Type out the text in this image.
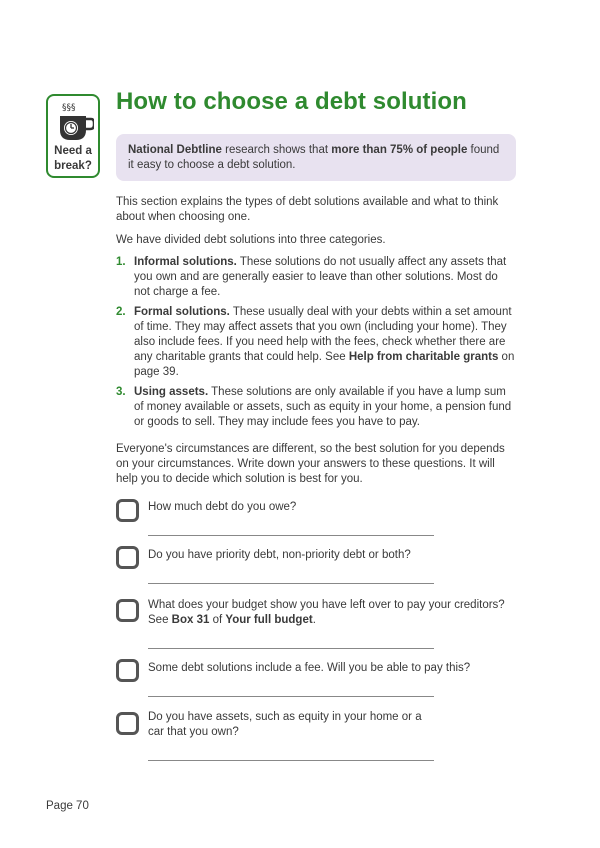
§§§
Need a
break?
How to choose a debt solution
National Debtline research shows that more than 75% of people found it easy to choose a debt solution.
This section explains the types of debt solutions available and what to think about when choosing one.
We have divided debt solutions into three categories.
1. Informal solutions. These solutions do not usually affect any assets that you own and are generally easier to leave than other solutions. Most do not charge a fee.
2. Formal solutions. These usually deal with your debts within a set amount of time. They may affect assets that you own (including your home). They also include fees. If you need help with the fees, check whether there are any charitable grants that could help. See Help from charitable grants on page 39.
3. Using assets. These solutions are only available if you have a lump sum of money available or assets, such as equity in your home, a pension fund or goods to sell. They may include fees you have to pay.
Everyone's circumstances are different, so the best solution for you depends on your circumstances. Write down your answers to these questions. It will help you to decide which solution is best for you.
How much debt do you owe?
Do you have priority debt, non-priority debt or both?
What does your budget show you have left over to pay your creditors? See Box 31 of Your full budget.
Some debt solutions include a fee. Will you be able to pay this?
Do you have assets, such as equity in your home or a car that you own?
Page 70
